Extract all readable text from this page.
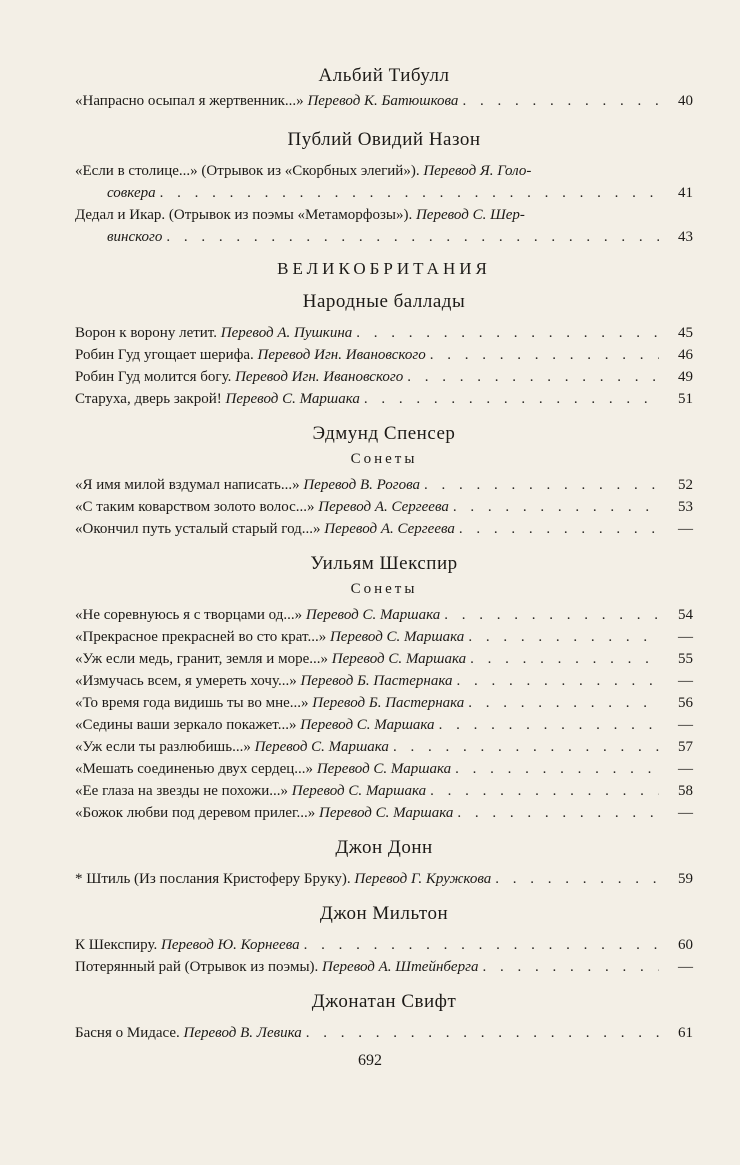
Альбий Тибулл
«Напрасно осыпал я жертвенник...»
Перевод К. Батюшкова . . .	40
Публий Овидий Назон
«Если в столице...» (Отрывок из «Скорбных элегий»).
Перевод Я. Голо-
совкера . . .	41
Дедал и Икар. (Отрывок из поэмы «Метаморфозы»).
Перевод С. Шер-
винского . . .	43
ВЕЛИКОБРИТАНИЯ
Народные баллады
Ворон к ворону летит.
Перевод А. Пушкина . . .	45
Робин Гуд угощает шерифа.
Перевод Игн. Ивановского . . .	46
Робин Гуд молится богу.
Перевод Игн. Ивановского . . .	49
Старуха, дверь закрой!
Перевод С. Маршака . . .	51
Эдмунд Спенсер
Сонеты
«Я имя милой вздумал написать...»
Перевод В. Рогова . . .	52
«С таким коварством золото волос...»
Перевод А. Сергеева . . .	53
«Окончил путь усталый старый год...»
Перевод А. Сергеева . . .	—
Уильям Шекспир
Сонеты
«Не соревнуюсь я с творцами од...»
Перевод С. Маршака . . .	54
«Прекрасное прекрасней во сто крат...»
Перевод С. Маршака . . .	—
«Уж если медь, гранит, земля и море...»
Перевод С. Маршака . . .	55
«Измучась всем, я умереть хочу...»
Перевод Б. Пастернака . . .	—
«То время года видишь ты во мне...»
Перевод Б. Пастернака . . .	56
«Седины ваши зеркало покажет...»
Перевод С. Маршака . . .	—
«Уж если ты разлюбишь...»
Перевод С. Маршака . . .	57
«Мешать соединенью двух сердец...»
Перевод С. Маршака . . .	—
«Ее глаза на звезды не похожи...»
Перевод С. Маршака . . .	58
«Божок любви под деревом прилег...»
Перевод С. Маршака . . .	—
Джон Донн
* Штиль (Из послания Кристоферу Бруку).
Перевод Г. Кружкова . . .	59
Джон Мильтон
К Шекспиру.
Перевод Ю. Корнеева . . .	60
Потерянный рай (Отрывок из поэмы).
Перевод А. Штейнберга . . .	—
Джонатан Свифт
Басня о Мидасе.
Перевод В. Левика . . .	61
692
